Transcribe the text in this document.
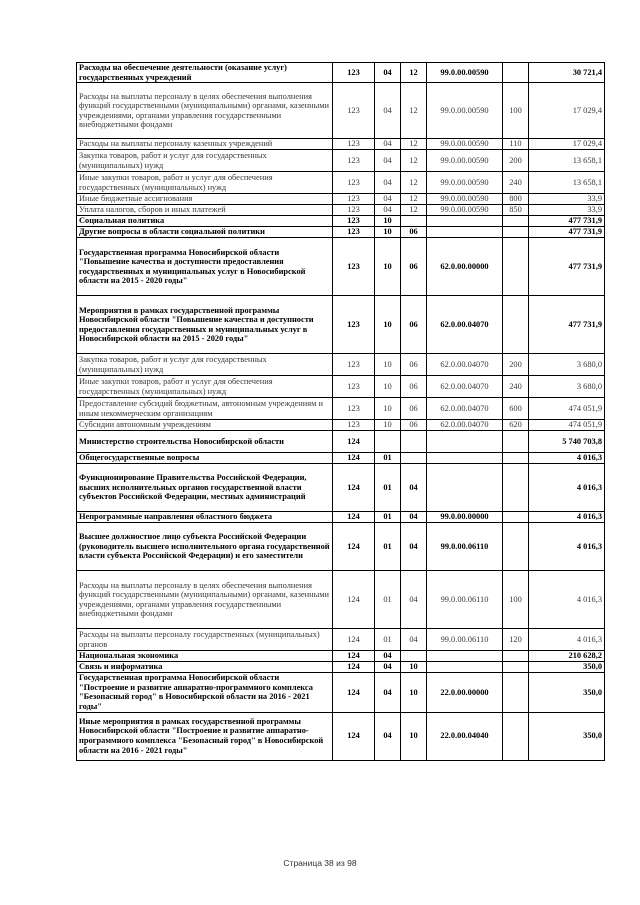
Расходы на обеспечение деятельности (оказание услуг) государственных учреждений	123	04	12	99.0.00.00590		30 721,4
Расходы на выплаты персоналу в целях обеспечения выполнения функций государственными (муниципальными) органами, казенными учреждениями, органами управления государственными внебюджетными фондами	123	04	12	99.0.00.00590	100	17 029,4
Расходы на выплаты персоналу казенных учреждений	123	04	12	99.0.00.00590	110	17 029,4
Закупка товаров, работ и услуг для государственных (муниципальных) нужд	123	04	12	99.0.00.00590	200	13 658,1
Иные закупки товаров, работ и услуг для обеспечения государственных (муниципальных) нужд	123	04	12	99.0.00.00590	240	13 658,1
Иные бюджетные ассигнования	123	04	12	99.0.00.00590	800	33,9
Уплата налогов, сборов и иных платежей	123	04	12	99.0.00.00590	850	33,9
Социальная политика	123	10				477 731,9
Другие вопросы в области социальной политики	123	10	06			477 731,9
Государственная программа Новосибирской области "Повышение качества и доступности предоставления государственных и муниципальных услуг в Новосибирской области на 2015 - 2020 годы"	123	10	06	62.0.00.00000		477 731,9
Мероприятия в рамках государственной программы Новосибирской области "Повышение качества и доступности предоставления государственных и муниципальных услуг в Новосибирской области на 2015 - 2020 годы"	123	10	06	62.0.00.04070		477 731,9
Закупка товаров, работ и услуг для государственных (муниципальных) нужд	123	10	06	62.0.00.04070	200	3 680,0
Иные закупки товаров, работ и услуг для обеспечения государственных (муниципальных) нужд	123	10	06	62.0.00.04070	240	3 680,0
Предоставление субсидий бюджетным, автономным учреждениям и иным некоммерческим организациям	123	10	06	62.0.00.04070	600	474 051,9
Субсидии автономным учреждениям	123	10	06	62.0.00.04070	620	474 051,9
Министерство строительства Новосибирской области	124					5 740 703,8
Общегосударственные вопросы	124	01				4 016,3
Функционирование Правительства Российской Федерации, высших исполнительных органов государственной власти субъектов Российской Федерации, местных администраций	124	01	04			4 016,3
Непрограммные направления областного бюджета	124	01	04	99.0.00.00000		4 016,3
Высшее должностное лицо субъекта Российской Федерации (руководитель высшего исполнительного органа государственной власти субъекта Российской Федерации) и его заместители	124	01	04	99.0.00.06110		4 016,3
Расходы на выплаты персоналу в целях обеспечения выполнения функций государственными (муниципальными) органами, казенными учреждениями, органами управления государственными внебюджетными фондами	124	01	04	99.0.00.06110	100	4 016,3
Расходы на выплаты персоналу государственных (муниципальных) органов	124	01	04	99.0.00.06110	120	4 016,3
Национальная экономика	124	04				210 628,2
Связь и информатика	124	04	10			350,0
Государственная программа Новосибирской области "Построение и развитие аппаратно-программного комплекса "Безопасный город" в Новосибирской области на 2016 - 2021 годы"	124	04	10	22.0.00.00000		350,0
Иные мероприятия в рамках государственной программы Новосибирской области "Построение и развитие аппаратно-программного комплекса "Безопасный город" в Новосибирской области на 2016 - 2021 годы"	124	04	10	22.0.00.04040		350,0
Страница 38 из 98
